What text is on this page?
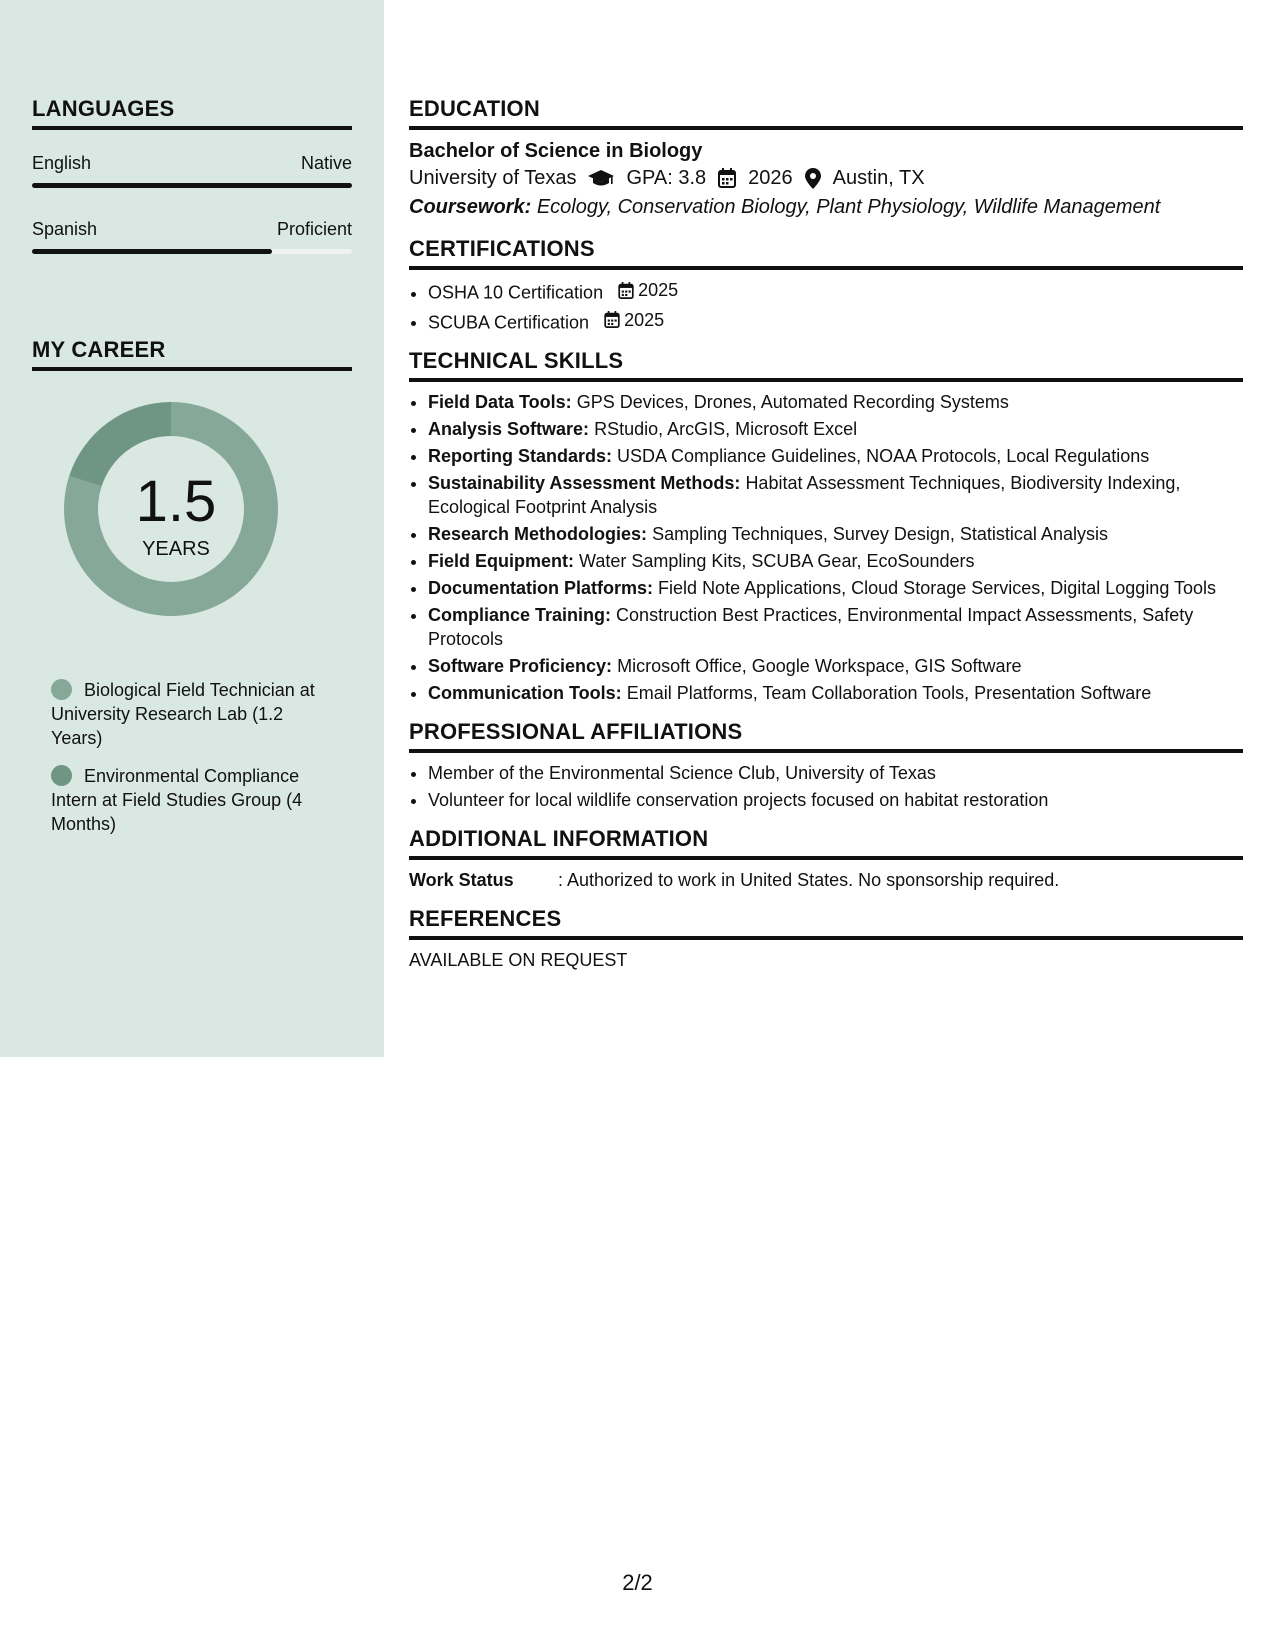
LANGUAGES
English	Native
Spanish	Proficient
MY CAREER
1.5
YEARS
Biological Field Technician at University Research Lab (1.2 Years)
Environmental Compliance Intern at Field Studies Group (4 Months)
EDUCATION
Bachelor of Science in Biology
University of Texas	GPA: 3.8 2026 Austin, TX
Coursework: Ecology, Conservation Biology, Plant Physiology, Wildlife Management
CERTIFICATIONS
• OSHA 10 Certification 2025
• SCUBA Certification 2025
TECHNICAL SKILLS
• Field Data Tools: GPS Devices, Drones, Automated Recording Systems
• Analysis Software: RStudio, ArcGIS, Microsoft Excel
• Reporting Standards: USDA Compliance Guidelines, NOAA Protocols, Local Regulations
• Sustainability Assessment Methods: Habitat Assessment Techniques, Biodiversity Indexing, Ecological Footprint Analysis
• Research Methodologies: Sampling Techniques, Survey Design, Statistical Analysis
• Field Equipment: Water Sampling Kits, SCUBA Gear, EcoSounders
• Documentation Platforms: Field Note Applications, Cloud Storage Services, Digital Logging Tools
• Compliance Training: Construction Best Practices, Environmental Impact Assessments, Safety Protocols
• Software Proficiency: Microsoft Office, Google Workspace, GIS Software
• Communication Tools: Email Platforms, Team Collaboration Tools, Presentation Software
PROFESSIONAL AFFILIATIONS
• Member of the Environmental Science Club, University of Texas
• Volunteer for local wildlife conservation projects focused on habitat restoration
ADDITIONAL INFORMATION
Work Status	: Authorized to work in United States. No sponsorship required.
REFERENCES
AVAILABLE ON REQUEST
2/2
